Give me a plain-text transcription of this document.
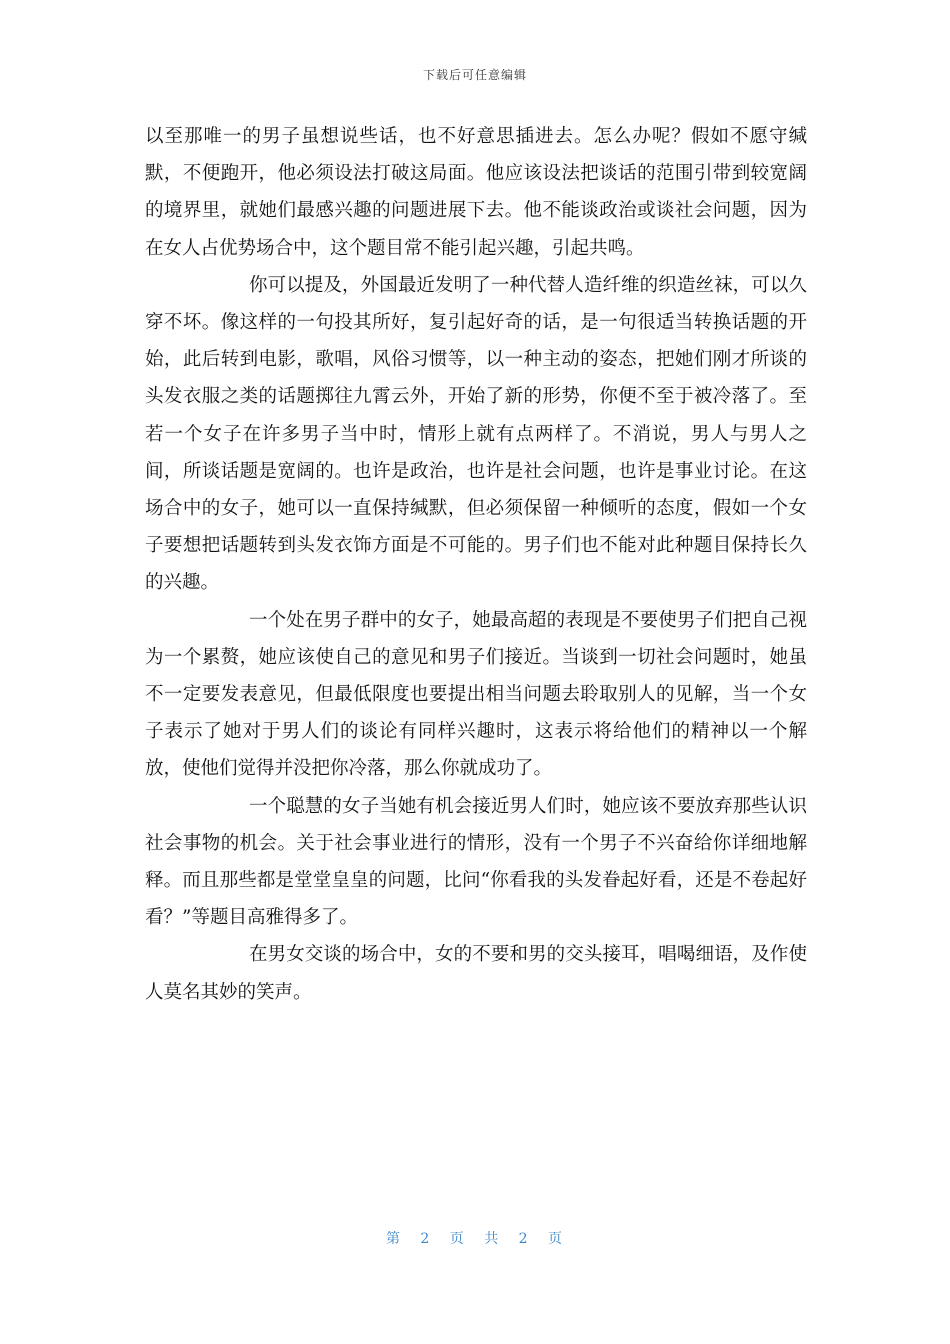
下载后可任意编辑

以至那唯一的男子虽想说些话，也不好意思插进去。怎么办呢？假如不愿守缄默，不便跑开，他必须设法打破这局面。他应该设法把谈话的范围引带到较宽阔的境界里，就她们最感兴趣的问题进展下去。他不能谈政治或谈社会问题，因为在女人占优势场合中，这个题目常不能引起兴趣，引起共鸣。

你可以提及，外国最近发明了一种代替人造纤维的织造丝袜，可以久穿不坏。像这样的一句投其所好，复引起好奇的话，是一句很适当转换话题的开始，此后转到电影，歌唱，风俗习惯等，以一种主动的姿态，把她们刚才所谈的头发衣服之类的话题掷往九霄云外，开始了新的形势，你便不至于被冷落了。至若一个女子在许多男子当中时，情形上就有点两样了。不消说，男人与男人之间，所谈话题是宽阔的。也许是政治，也许是社会问题，也许是事业讨论。在这场合中的女子，她可以一直保持缄默，但必须保留一种倾听的态度，假如一个女子要想把话题转到头发衣饰方面是不可能的。男子们也不能对此种题目保持长久的兴趣。

一个处在男子群中的女子，她最高超的表现是不要使男子们把自己视为一个累赘，她应该使自己的意见和男子们接近。当谈到一切社会问题时，她虽不一定要发表意见，但最低限度也要提出相当问题去聆取别人的见解，当一个女子表示了她对于男人们的谈论有同样兴趣时，这表示将给他们的精神以一个解放，使他们觉得并没把你冷落，那么你就成功了。

一个聪慧的女子当她有机会接近男人们时，她应该不要放弃那些认识社会事物的机会。关于社会事业进行的情形，没有一个男子不兴奋给你详细地解释。而且那些都是堂堂皇皇的问题，比问“你看我的头发眷起好看，还是不卷起好看？”等题目高雅得多了。

在男女交谈的场合中，女的不要和男的交头接耳，唱喝细语，及作使人莫名其妙的笑声。

第 2 页 共 2 页
